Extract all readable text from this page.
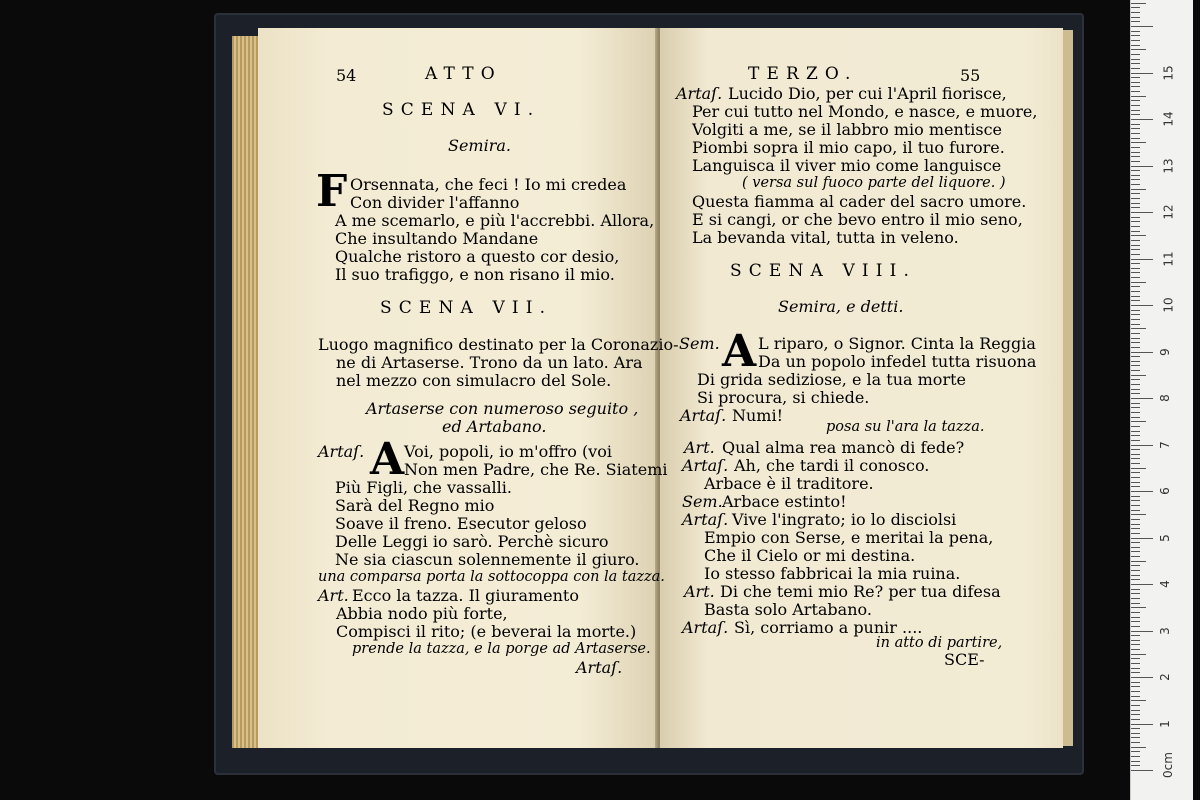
54	ATTO
SCENA VI.
Semira.
F Orsennata, che feci ! Io mi credea
Con divider l'affanno
A me scemarlo, e più l'accrebbi. Allora,
Che insultando Mandane
Qualche ristoro a questo cor desio,
Il suo trafiggo, e non risano il mio.
SCENA VII.
Luogo magnifico destinato per la Coronazio-
ne di Artaserse. Trono da un lato. Ara
nel mezzo con simulacro del Sole.
Artaserse con numeroso seguito ,
ed Artabano.
Artaſ. A Voi, popoli, io m'offro (voi
Non men Padre, che Re. Siatemi
Più Figli, che vassalli.
Sarà del Regno mio
Soave il freno. Esecutor geloso
Delle Leggi io sarò. Perchè sicuro
Ne sia ciascun solennemente il giuro.
una comparsa porta la sottocoppa con la tazza.
Art. Ecco la tazza. Il giuramento
Abbia nodo più forte,
Compisci il rito; (e beverai la morte.)
prende la tazza, e la porge ad Artaserse.
Artaſ.
TERZO.	55
Artaſ. Lucido Dio, per cui l'April fiorisce,
Per cui tutto nel Mondo, e nasce, e muore,
Volgiti a me, se il labbro mio mentisce
Piombi sopra il mio capo, il tuo furore.
Languisca il viver mio come languisce
( versa sul fuoco parte del liquore. )
Questa fiamma al cader del sacro umore.
E si cangi, or che bevo entro il mio seno,
La bevanda vital, tutta in veleno.
SCENA VIII.
Semira, e detti.
Sem. A L riparo, o Signor. Cinta la Reggia
Da un popolo infedel tutta risuona
Di grida sediziose, e la tua morte
Si procura, si chiede.
Artaſ. Numi!
posa su l'ara la tazza.
Art. Qual alma rea mancò di fede?
Artaſ. Ah, che tardi il conosco.
Arbace è il traditore.
Sem. Arbace estinto!
Artaſ. Vive l'ingrato; io lo disciolsi
Empio con Serse, e meritai la pena,
Che il Cielo or mi destina.
Io stesso fabbricai la mia ruina.
Art. Di che temi mio Re? per tua difesa
Basta solo Artabano.
Artaſ. Sì, corriamo a punir ....
in atto di partire,
SCE-
1
2
3
4
5
6
7
8
9
10
11
12
13
14
15
0cm
